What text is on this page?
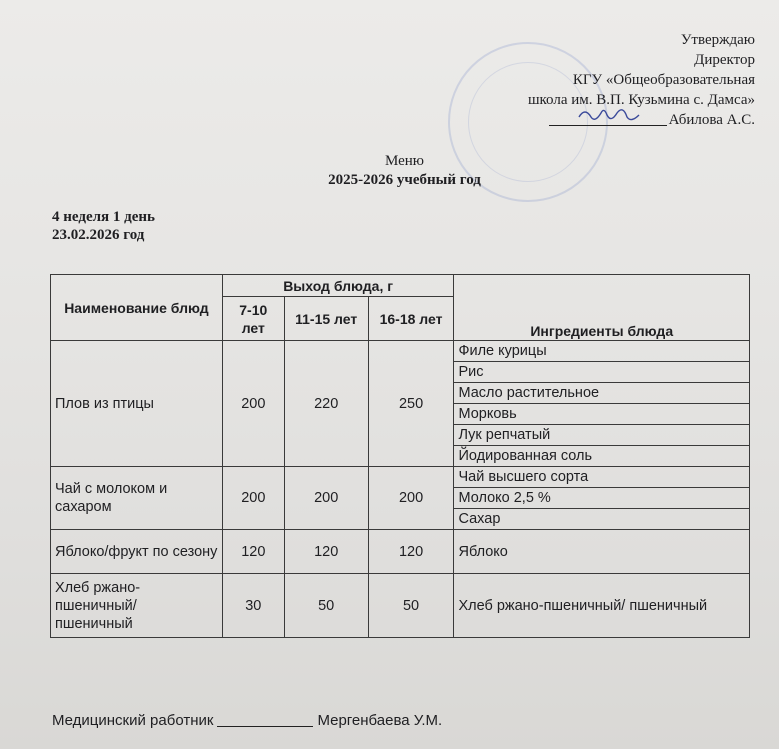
Утверждаю
Директор
КГУ «Общеобразовательная
школа им. В.П. Кузьмина с. Дамса»
Абилова А.С.
Меню
2025-2026 учебный год
4 неделя 1 день
23.02.2026 год
Наименование блюд	Выход блюда, г			Ингредиенты блюда
	7-10 лет	11-15 лет	16-18 лет	
Плов из птицы	200	220	250	Филе курицы
				Рис
				Масло растительное
				Морковь
				Лук репчатый
				Йодированная соль
Чай с молоком и сахаром	200	200	200	Чай высшего сорта
				Молоко 2,5 %
				Сахар
Яблоко/фрукт по сезону	120	120	120	Яблоко
Хлеб ржано-пшеничный/ пшеничный	30	50	50	Хлеб ржано-пшеничный/ пшеничный
Медицинский работник	Мергенбаева У.М.
